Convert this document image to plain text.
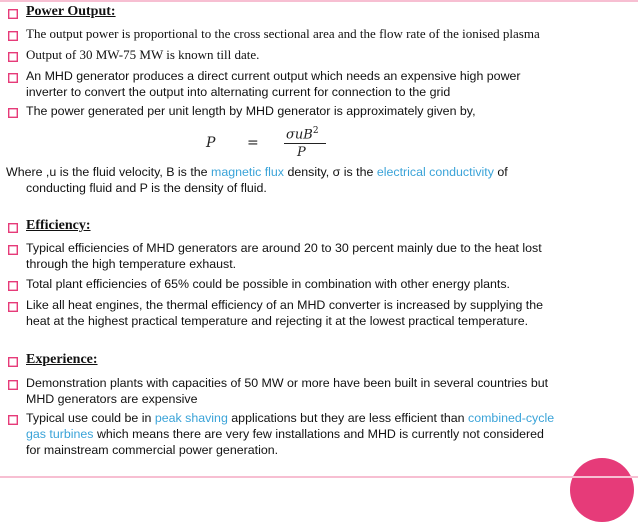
Power Output:
The output power is proportional to the cross sectional area and the flow rate of the ionised plasma
Output of 30 MW-75 MW is known till date.
An MHD generator produces a direct current output which needs an expensive high power
inverter to convert the output into alternating current for connection to the grid
The power generated per unit length by MHD generator is approximately given by,
P =
σuB$^2$
P
Where ,u is the fluid velocity, B is the magnetic flux density, σ is the electrical conductivity of
conducting fluid and P is the density of fluid.
Efficiency:
Typical efficiencies of MHD generators are around 20 to 30 percent mainly due to the heat lost
through the high temperature exhaust.
Total plant efficiencies of 65% could be possible in combination with other energy plants.
Like all heat engines, the thermal efficiency of an MHD converter is increased by supplying the
heat at the highest practical temperature and rejecting it at the lowest practical temperature.
Experience:
Demonstration plants with capacities of 50 MW or more have been built in several countries but
MHD generators are expensive
Typical use could be in peak shaving applications but they are less efficient than combined-cycle
gas turbines which means there are very few installations and MHD is currently not considered
for mainstream commercial power generation.
